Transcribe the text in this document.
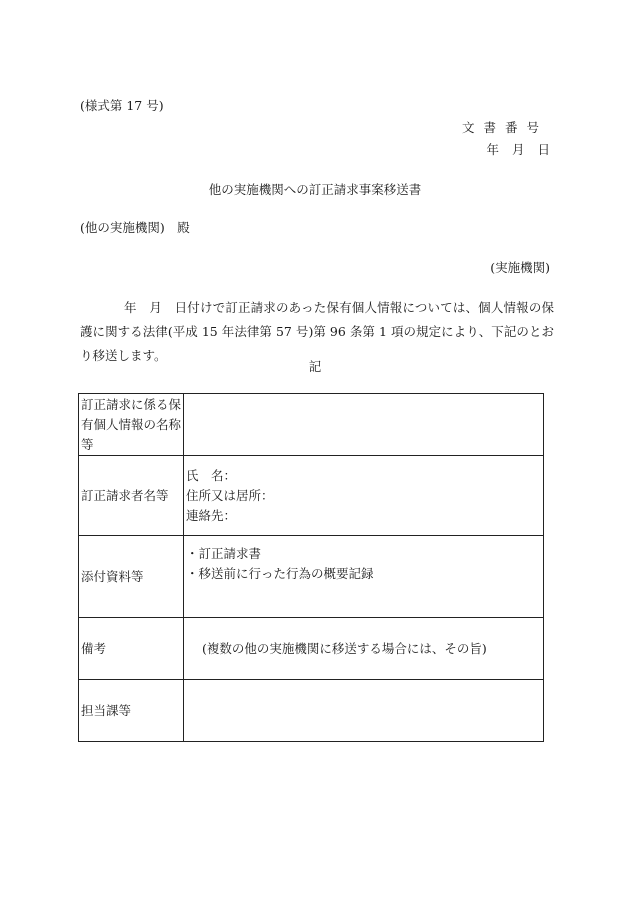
(様式第 17 号)
文書番号
年 月 日
他の実施機関への訂正請求事案移送書
(他の実施機関)　殿
(実施機関)
年　月　日付けで訂正請求のあった保有個人情報については、個人情報の保護に関する法律(平成 15 年法律第 57 号)第 96 条第 1 項の規定により、下記のとおり移送します。
記
訂正請求に係る保有個人情報の名称等	
訂正請求者名等	氏　名：
住所又は居所：
連絡先：

添付資料等	・訂正請求書
・移送前に行った行為の概要記録

備考	(複数の他の実施機関に移送する場合には、その旨)

担当課等	
